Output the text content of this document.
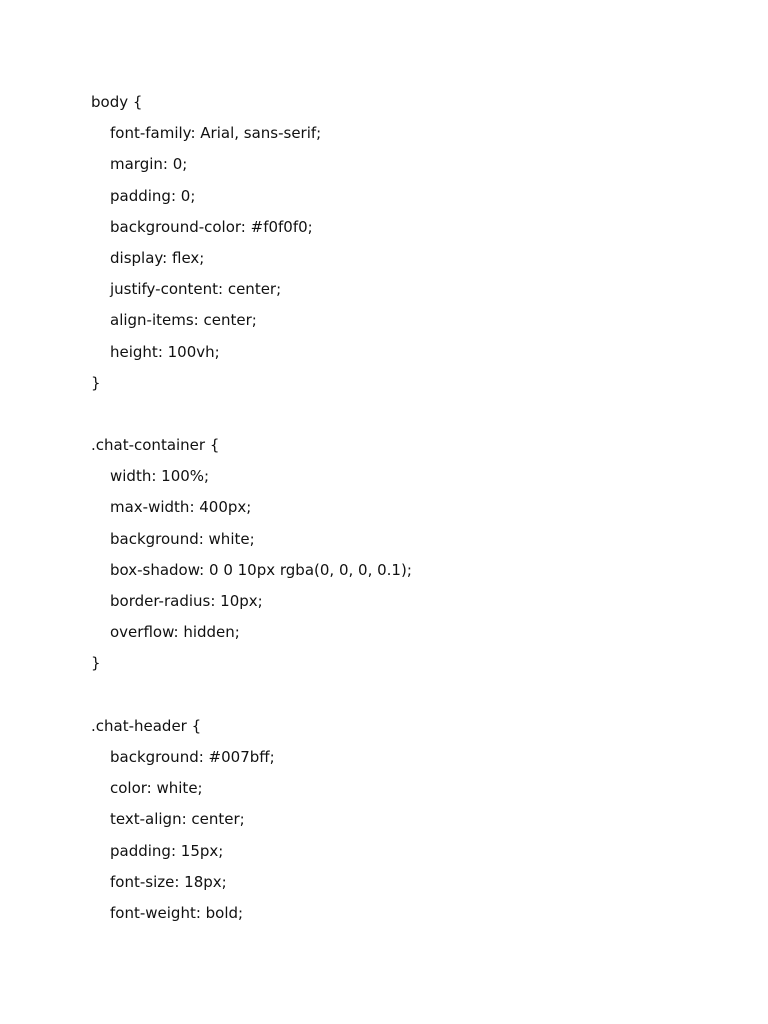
body {
font-family: Arial, sans-serif;
margin: 0;
padding: 0;
background-color: #f0f0f0;
display: flex;
justify-content: center;
align-items: center;
height: 100vh;
}
.chat-container {
width: 100%;
max-width: 400px;
background: white;
box-shadow: 0 0 10px rgba(0, 0, 0, 0.1);
border-radius: 10px;
overflow: hidden;
}
.chat-header {
background: #007bff;
color: white;
text-align: center;
padding: 15px;
font-size: 18px;
font-weight: bold;
